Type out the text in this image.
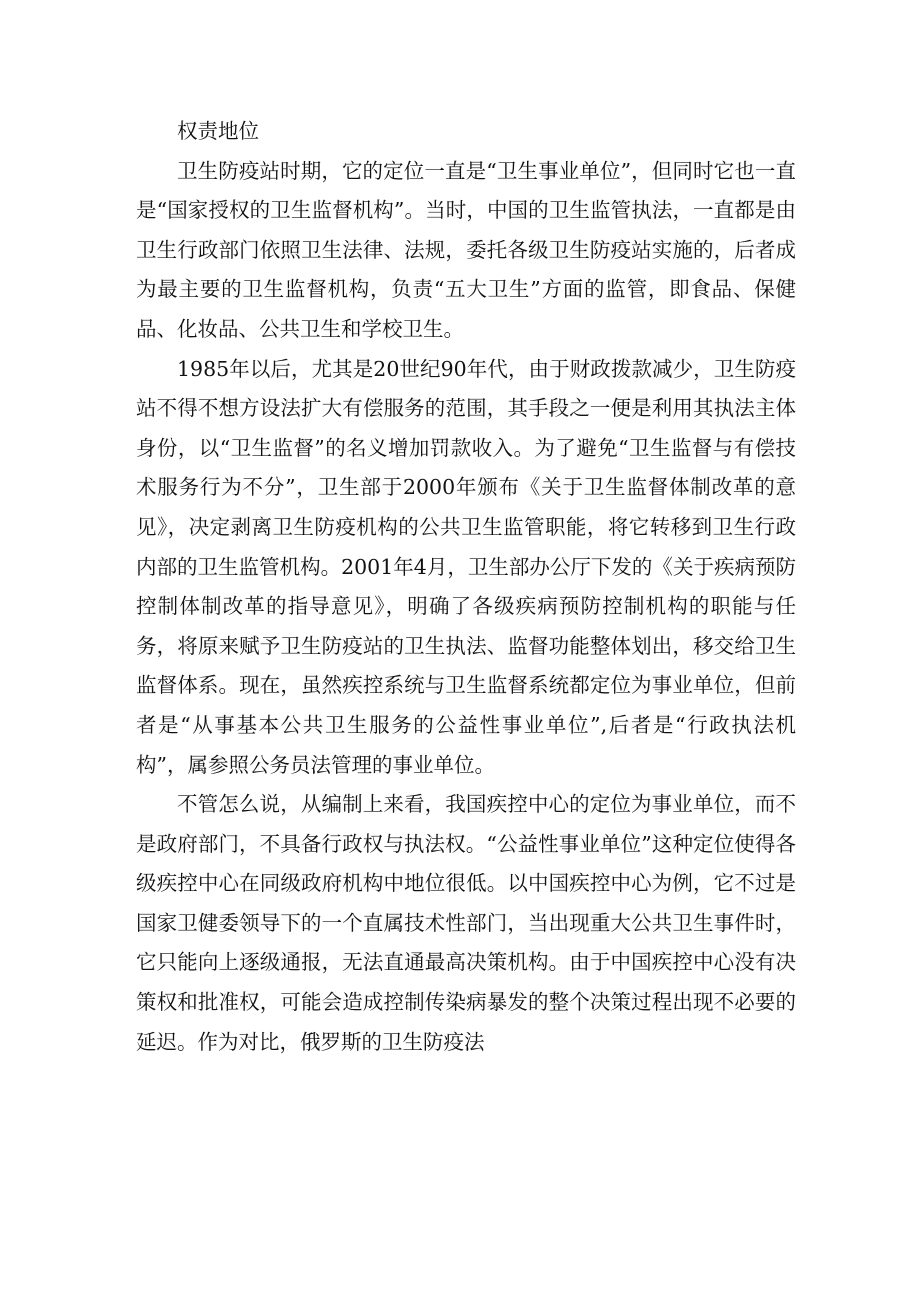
权责地位

卫生防疫站时期，它的定位一直是“卫生事业单位”，但同时它也一直是“国家授权的卫生监督机构”。当时，中国的卫生监管执法，一直都是由卫生行政部门依照卫生法律、法规，委托各级卫生防疫站实施的，后者成为最主要的卫生监督机构，负责“五大卫生”方面的监管，即食品、保健品、化妆品、公共卫生和学校卫生。

1985年以后，尤其是20世纪90年代，由于财政拨款减少，卫生防疫站不得不想方设法扩大有偿服务的范围，其手段之一便是利用其执法主体身份，以“卫生监督”的名义增加罚款收入。为了避免“卫生监督与有偿技术服务行为不分”，卫生部于2000年颁布《关于卫生监督体制改革的意见》，决定剥离卫生防疫机构的公共卫生监管职能，将它转移到卫生行政内部的卫生监管机构。2001年4月，卫生部办公厅下发的《关于疾病预防控制体制改革的指导意见》，明确了各级疾病预防控制机构的职能与任务，将原来赋予卫生防疫站的卫生执法、监督功能整体划出，移交给卫生监督体系。现在，虽然疾控系统与卫生监督系统都定位为事业单位，但前者是“从事基本公共卫生服务的公益性事业单位”,后者是“行政执法机构”，属参照公务员法管理的事业单位。

不管怎么说，从编制上来看，我国疾控中心的定位为事业单位，而不是政府部门，不具备行政权与执法权。“公益性事业单位”这种定位使得各级疾控中心在同级政府机构中地位很低。以中国疾控中心为例，它不过是国家卫健委领导下的一个直属技术性部门，当出现重大公共卫生事件时，它只能向上逐级通报，无法直通最高决策机构。由于中国疾控中心没有决策权和批准权，可能会造成控制传染病暴发的整个决策过程出现不必要的延迟。作为对比，俄罗斯的卫生防疫法
